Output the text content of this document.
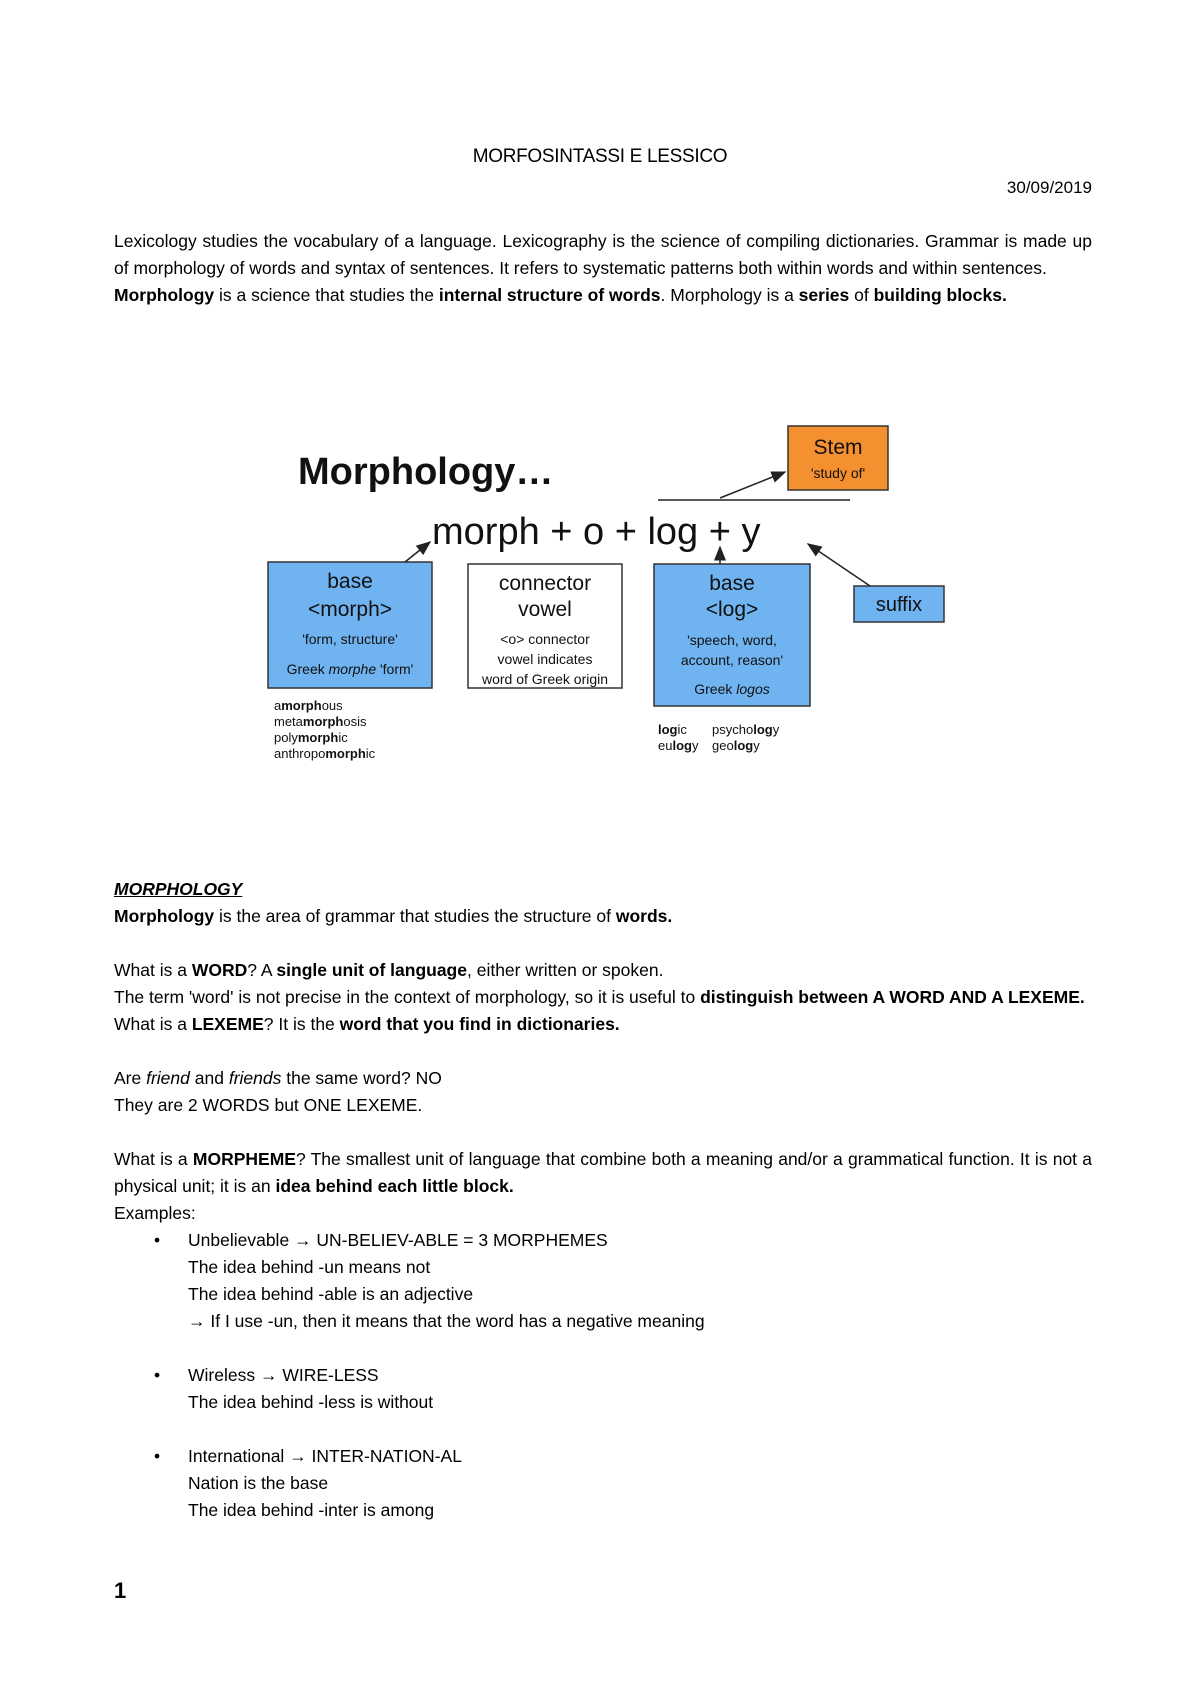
MORFOSINTASSI E LESSICO
30/09/2019

Lexicology studies the vocabulary of a language. Lexicography is the science of compiling dictionaries. Grammar is made up of morphology of words and syntax of sentences. It refers to systematic patterns both within words and within sentences.

Morphology is a science that studies the internal structure of words. Morphology is a series of building blocks.

Morphology…
morph + o + log + y
Stem
'study of'
base
<morph>
'form, structure'
Greek morphe 'form'
connector
vowel
<o> connector
vowel indicates
word of Greek origin
base
<log>
'speech, word,
account, reason'
Greek logos
suffix
amorphous
metamorphosis
polymorphic
anthropomorphic
logic psychology
eulogy geology

MORPHOLOGY

Morphology is the area of grammar that studies the structure of words.

What is a WORD? A single unit of language, either written or spoken.

The term 'word' is not precise in the context of morphology, so it is useful to distinguish between A WORD AND A LEXEME.

What is a LEXEME? It is the word that you find in dictionaries.

Are friend and friends the same word? NO

They are 2 WORDS but ONE LEXEME.

What is a MORPHEME? The smallest unit of language that combine both a meaning and/or a grammatical function. It is not a physical unit; it is an idea behind each little block.

Examples:

• Unbelievable → UN-BELIEV-ABLE = 3 MORPHEMES
The idea behind -un means not
The idea behind -able is an adjective
→ If I use -un, then it means that the word has a negative meaning
• Wireless → WIRE-LESS
The idea behind -less is without
• International → INTER-NATION-AL
Nation is the base
The idea behind -inter is among
1
